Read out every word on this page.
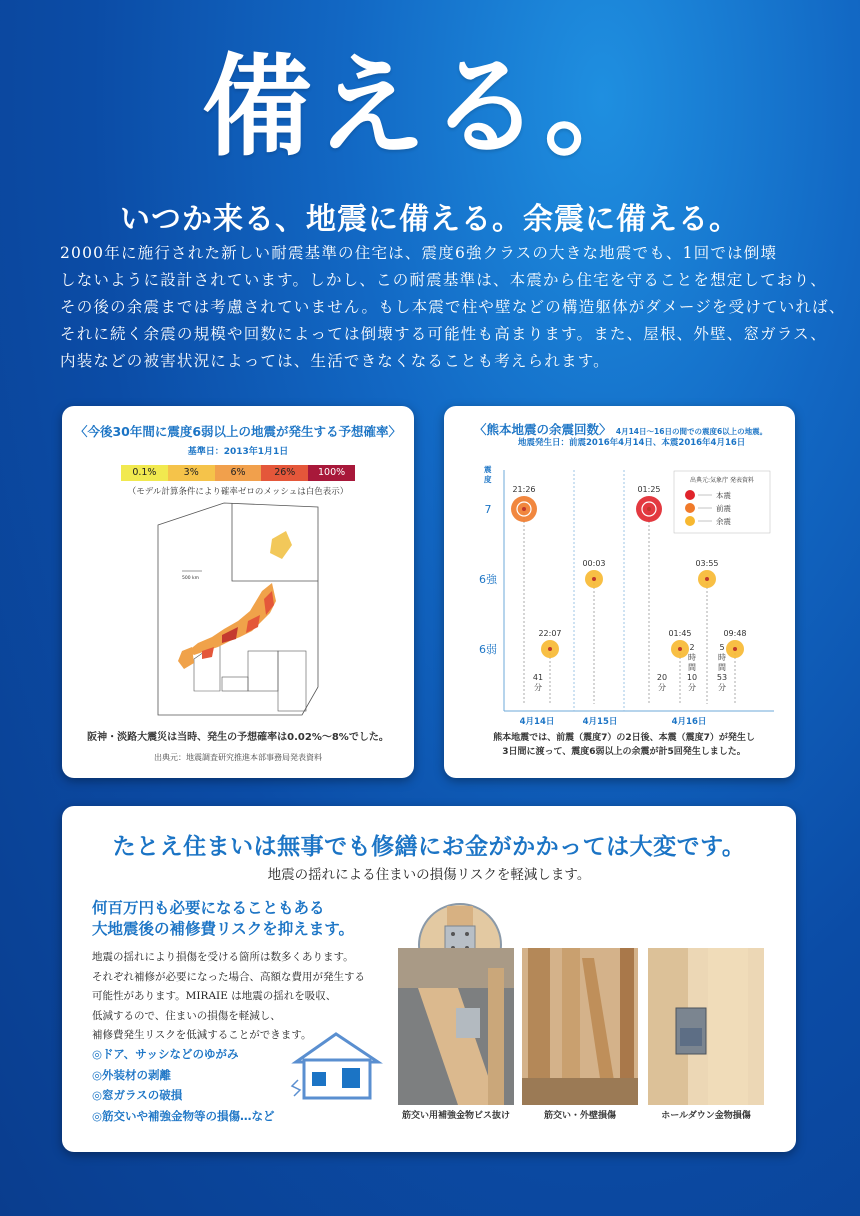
備える。
いつか来る、地震に備える。余震に備える。

2000年に施行された新しい耐震基準の住宅は、震度6強クラスの大きな地震でも、1回では倒壊

しないように設計されています。しかし、この耐震基準は、本震から住宅を守ることを想定しており、

その後の余震までは考慮されていません。もし本震で柱や壁などの構造躯体がダメージを受けていれば、

それに続く余震の規模や回数によっては倒壊する可能性も高まります。また、屋根、外壁、窓ガラス、

内装などの被害状況によっては、生活できなくなることも考えられます。

〈今後30年間に震度6弱以上の地震が発生する予想確率〉
基準日：2013年1月1日
0.1%	3%	6%	26%	100%
（モデル計算条件により確率ゼロのメッシュは白色表示）
500 km
阪神・淡路大震災は当時、発生の予想確率は0.02%〜8%でした。
出典元：地震調査研究推進本部事務局発表資料
〈熊本地震の余震回数〉 4月14日〜16日の間での震度6以上の地震。
地震発生日：前震2016年4月14日、本震2016年4月16日
震
度
7
6強
6弱
4月14日	4月15日	4月16日
21:26
22:07
00:03
01:25
01:45
03:55
09:48
41
分
20
分
2
時
間
10
分
5
時
間
53
分
出典元:気象庁 発表資料
本震
前震
余震
熊本地震では、前震（震度7）の2日後、本震（震度7）が発生し
3日間に渡って、震度6弱以上の余震が計5回発生しました。
たとえ住まいは無事でも修繕にお金がかかっては大変です。
地震の揺れによる住まいの損傷リスクを軽減します。
何百万円も必要になることもある
大地震後の補修費リスクを抑えます。
地震の揺れにより損傷を受ける箇所は数多くあります。
それぞれ補修が必要になった場合、高額な費用が発生する
可能性があります。MIRAIE は地震の揺れを吸収、
低減するので、住まいの損傷を軽減し、
補修費発生リスクを低減することができます。
◎ドア、サッシなどのゆがみ
◎外装材の剥離
◎窓ガラスの破損
◎筋交いや補強金物等の損傷…など	筋交い用補強金物ビス抜け	筋交い・外壁損傷	ホールダウン金物損傷
